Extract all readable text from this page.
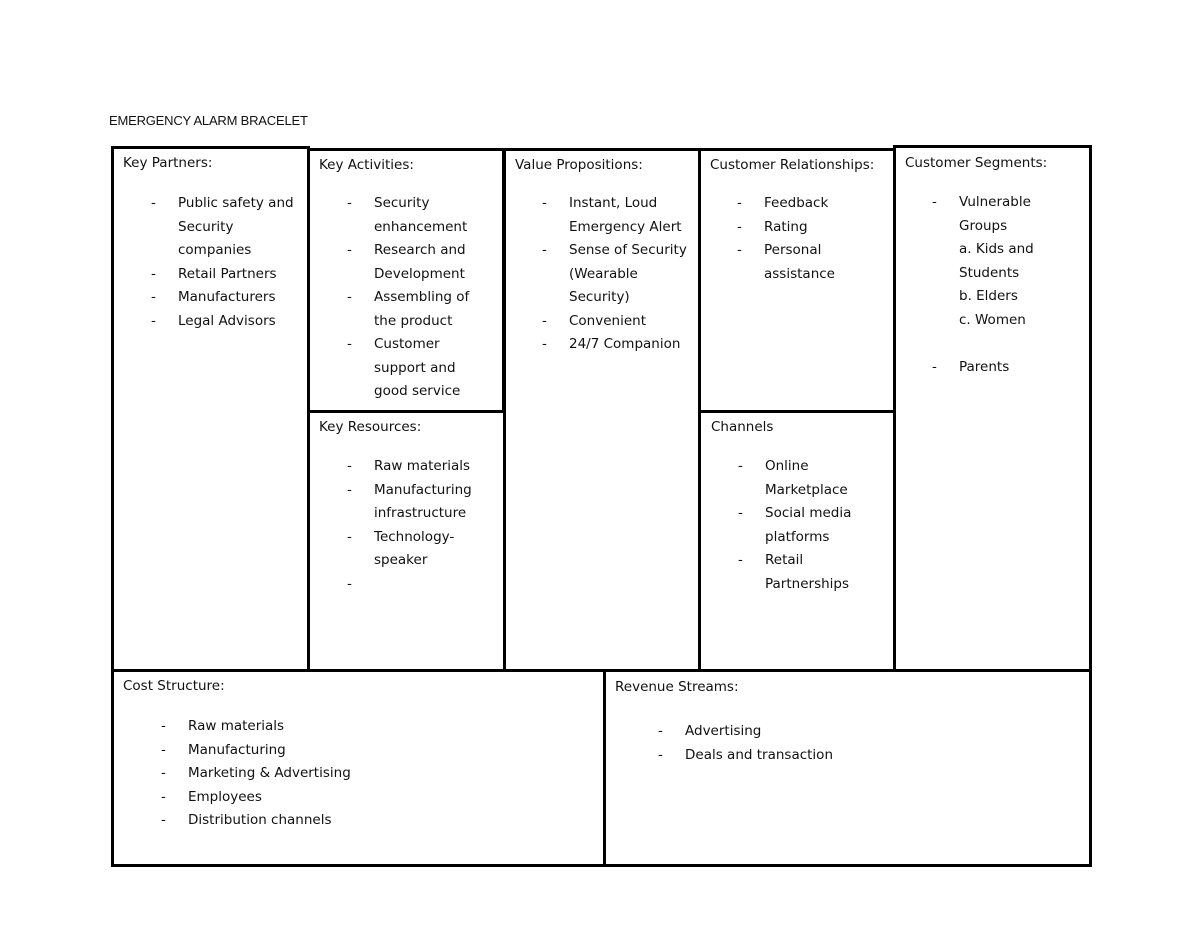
EMERGENCY ALARM BRACELET
Key Partners:
- Public safety and Security companies
- Retail Partners
- Manufacturers
- Legal Advisors
Key Activities:
- Security enhancement
- Research and Development
- Assembling of the product
- Customer support and good service
Key Resources:
- Raw materials
- Manufacturing infrastructure
- Technology-speaker
-
Value Propositions:
- Instant, Loud Emergency Alert
- Sense of Security (Wearable Security)
- Convenient
- 24/7 Companion
Customer Relationships:
- Feedback
- Rating
- Personal assistance
Channels
- Online Marketplace
- Social media platforms
- Retail Partnerships
Customer Segments:
- Vulnerable Groups
a. Kids and Students
b. Elders
c. Women
- Parents
Cost Structure:
- Raw materials
- Manufacturing
- Marketing & Advertising
- Employees
- Distribution channels
Revenue Streams:
- Advertising
- Deals and transaction
